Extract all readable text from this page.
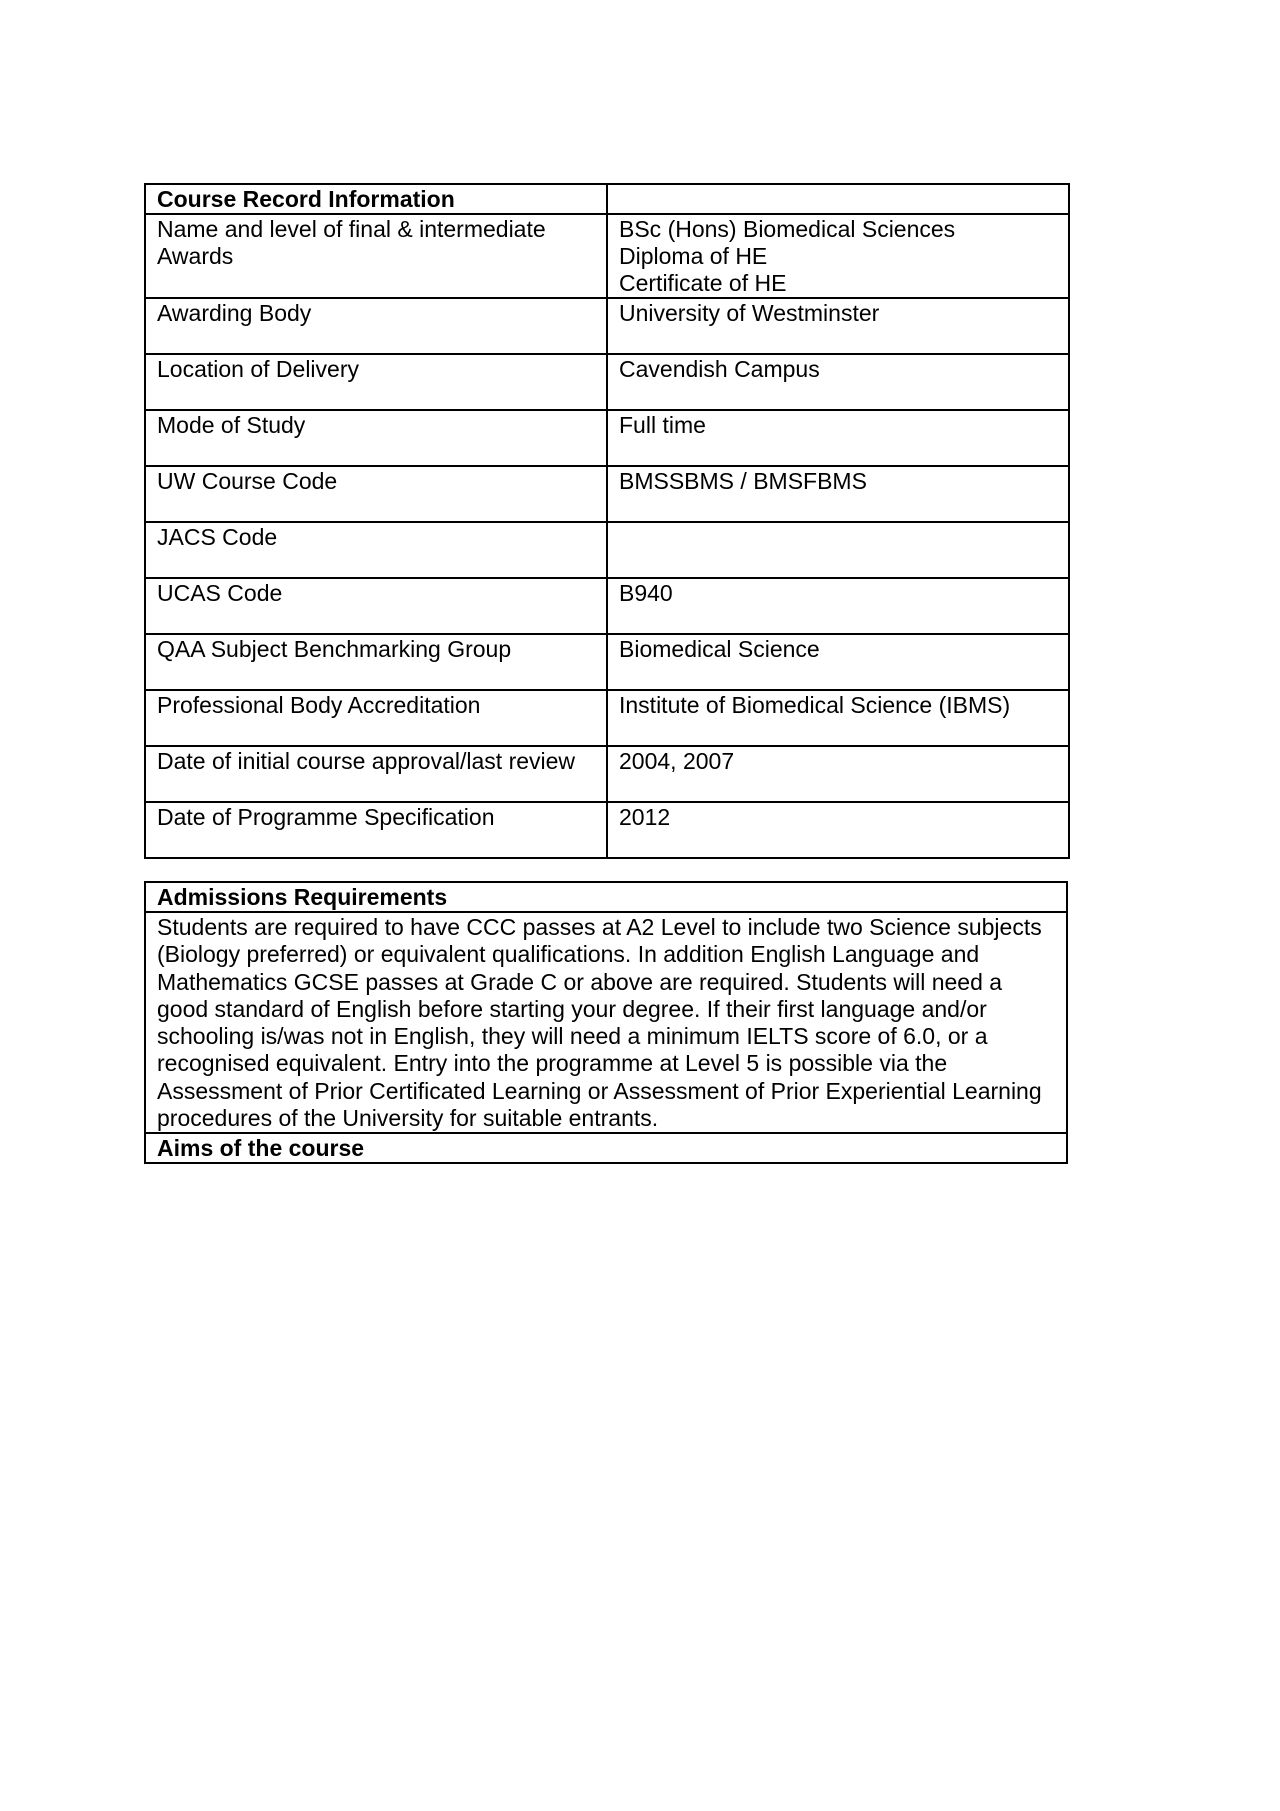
Course Record Information	
Name and level of final & intermediate
Awards	BSc (Hons) Biomedical Sciences
Diploma of HE
Certificate of HE
Awarding Body	University of Westminster
Location of Delivery	Cavendish Campus
Mode of Study	Full time
UW Course Code	BMSSBMS / BMSFBMS
JACS Code	
UCAS Code	B940
QAA Subject Benchmarking Group	Biomedical Science
Professional Body Accreditation	Institute of Biomedical Science (IBMS)
Date of initial course approval/last review	2004, 2007
Date of Programme Specification	2012
Admissions Requirements
Students are required to have CCC passes at A2 Level to include two Science subjects (Biology preferred) or equivalent qualifications. In addition English Language and Mathematics GCSE passes at Grade C or above are required. Students will need a good standard of English before starting your degree. If their first language and/or schooling is/was not in English, they will need a minimum IELTS score of 6.0, or a recognised equivalent. Entry into the programme at Level 5 is possible via the Assessment of Prior Certificated Learning or Assessment of Prior Experiential Learning procedures of the University for suitable entrants.
Aims of the course
